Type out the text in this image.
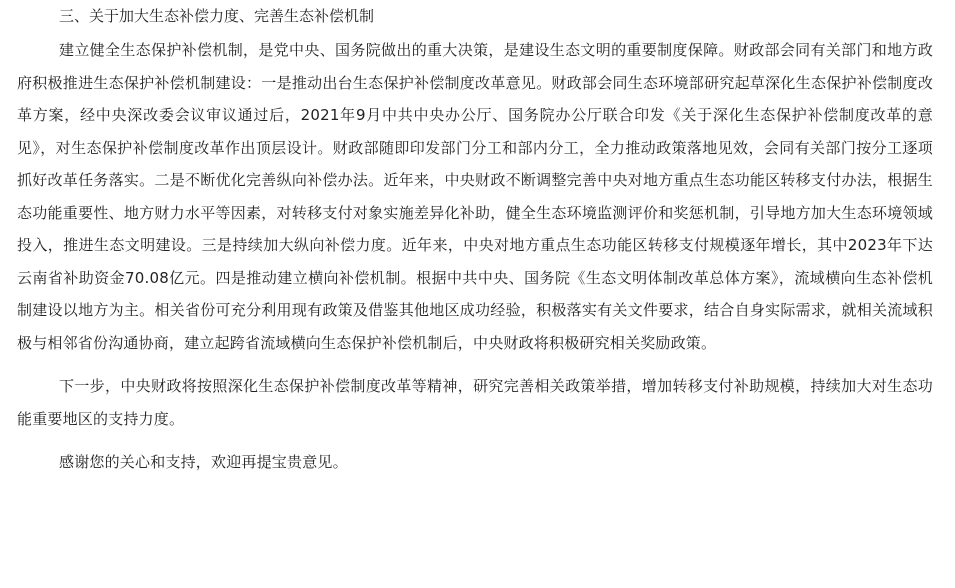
三、关于加大生态补偿力度、完善生态补偿机制

建立健全生态保护补偿机制，是党中央、国务院做出的重大决策，是建设生态文明的重要制度保障。财政部会同有关部门和地方政府积极推进生态保护补偿机制建设：一是推动出台生态保护补偿制度改革意见。财政部会同生态环境部研究起草深化生态保护补偿制度改革方案，经中央深改委会议审议通过后，2021年9月中共中央办公厅、国务院办公厅联合印发《关于深化生态保护补偿制度改革的意见》，对生态保护补偿制度改革作出顶层设计。财政部随即印发部门分工和部内分工，全力推动政策落地见效，会同有关部门按分工逐项抓好改革任务落实。二是不断优化完善纵向补偿办法。近年来，中央财政不断调整完善中央对地方重点生态功能区转移支付办法，根据生态功能重要性、地方财力水平等因素，对转移支付对象实施差异化补助，健全生态环境监测评价和奖惩机制，引导地方加大生态环境领域投入，推进生态文明建设。三是持续加大纵向补偿力度。近年来，中央对地方重点生态功能区转移支付规模逐年增长，其中2023年下达云南省补助资金70.08亿元。四是推动建立横向补偿机制。根据中共中央、国务院《生态文明体制改革总体方案》，流域横向生态补偿机制建设以地方为主。相关省份可充分利用现有政策及借鉴其他地区成功经验，积极落实有关文件要求，结合自身实际需求，就相关流域积极与相邻省份沟通协商，建立起跨省流域横向生态保护补偿机制后，中央财政将积极研究相关奖励政策。

下一步，中央财政将按照深化生态保护补偿制度改革等精神，研究完善相关政策举措，增加转移支付补助规模，持续加大对生态功能重要地区的支持力度。

感谢您的关心和支持，欢迎再提宝贵意见。
